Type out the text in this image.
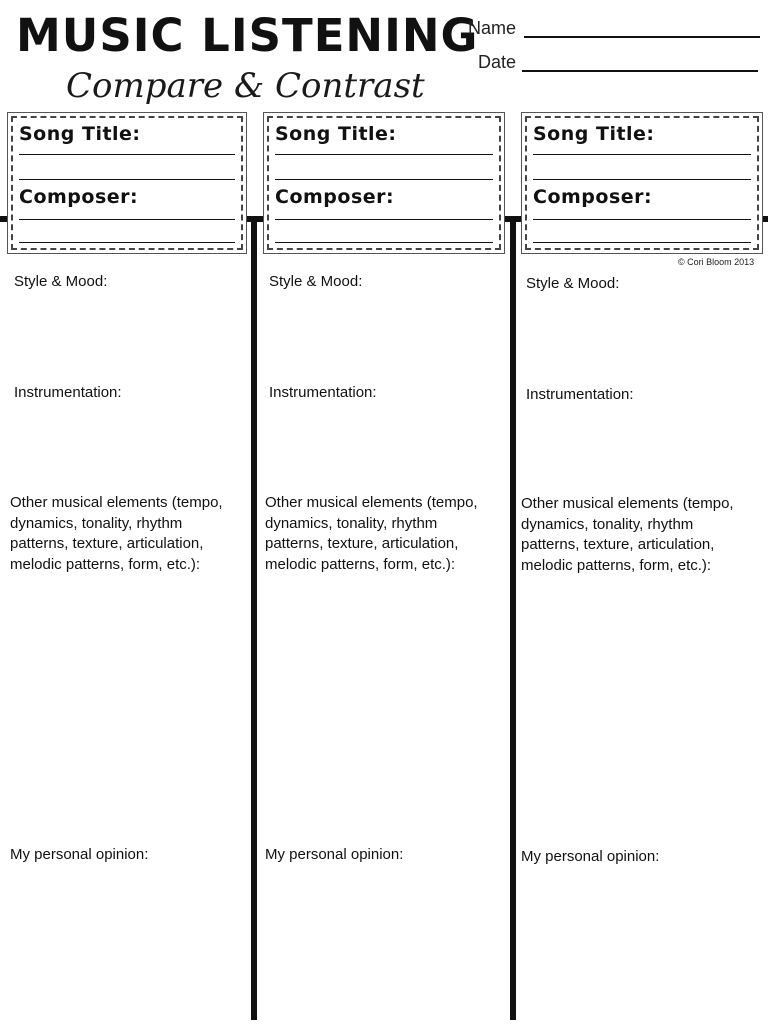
MUSIC LISTENING
Compare & Contrast
Name
Date
Song Title:
Composer:
Song Title:
Composer:
Song Title:
Composer:
© Cori Bloom 2013
Style & Mood:
Instrumentation:
Other musical elements (tempo, dynamics, tonality, rhythm patterns, texture, articulation, melodic patterns, form, etc.):
My personal opinion:
Style & Mood:
Instrumentation:
Other musical elements (tempo, dynamics, tonality, rhythm patterns, texture, articulation, melodic patterns, form, etc.):
My personal opinion:
Style & Mood:
Instrumentation:
Other musical elements (tempo, dynamics, tonality, rhythm patterns, texture, articulation, melodic patterns, form, etc.):
My personal opinion:
